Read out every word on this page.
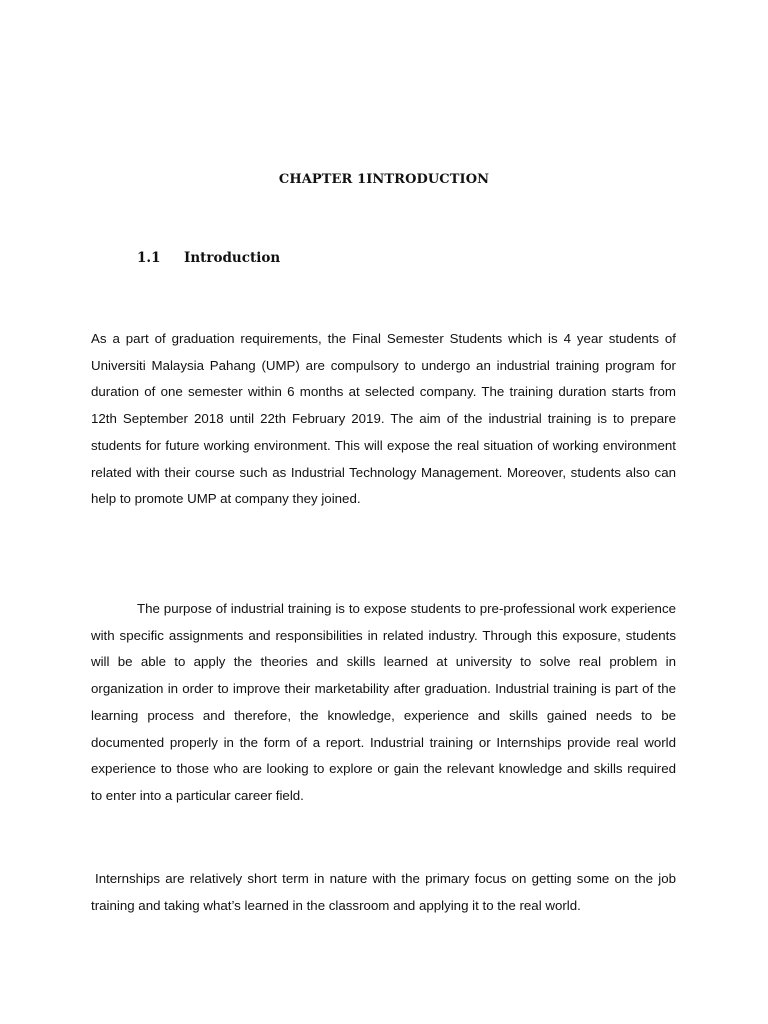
CHAPTER 1INTRODUCTION
1.1 Introduction

As a part of graduation requirements, the Final Semester Students which is 4 year students of Universiti Malaysia Pahang (UMP) are compulsory to undergo an industrial training program for duration of one semester within 6 months at selected company. The training duration starts from 12th September 2018 until 22th February 2019. The aim of the industrial training is to prepare students for future working environment. This will expose the real situation of working environment related with their course such as Industrial Technology Management. Moreover, students also can help to promote UMP at company they joined.

The purpose of industrial training is to expose students to pre-professional work experience with specific assignments and responsibilities in related industry. Through this exposure, students will be able to apply the theories and skills learned at university to solve real problem in organization in order to improve their marketability after graduation. Industrial training is part of the learning process and therefore, the knowledge, experience and skills gained needs to be documented properly in the form of a report. Industrial training or Internships provide real world experience to those who are looking to explore or gain the relevant knowledge and skills required to enter into a particular career field.

Internships are relatively short term in nature with the primary focus on getting some on the job training and taking what’s learned in the classroom and applying it to the real world.
